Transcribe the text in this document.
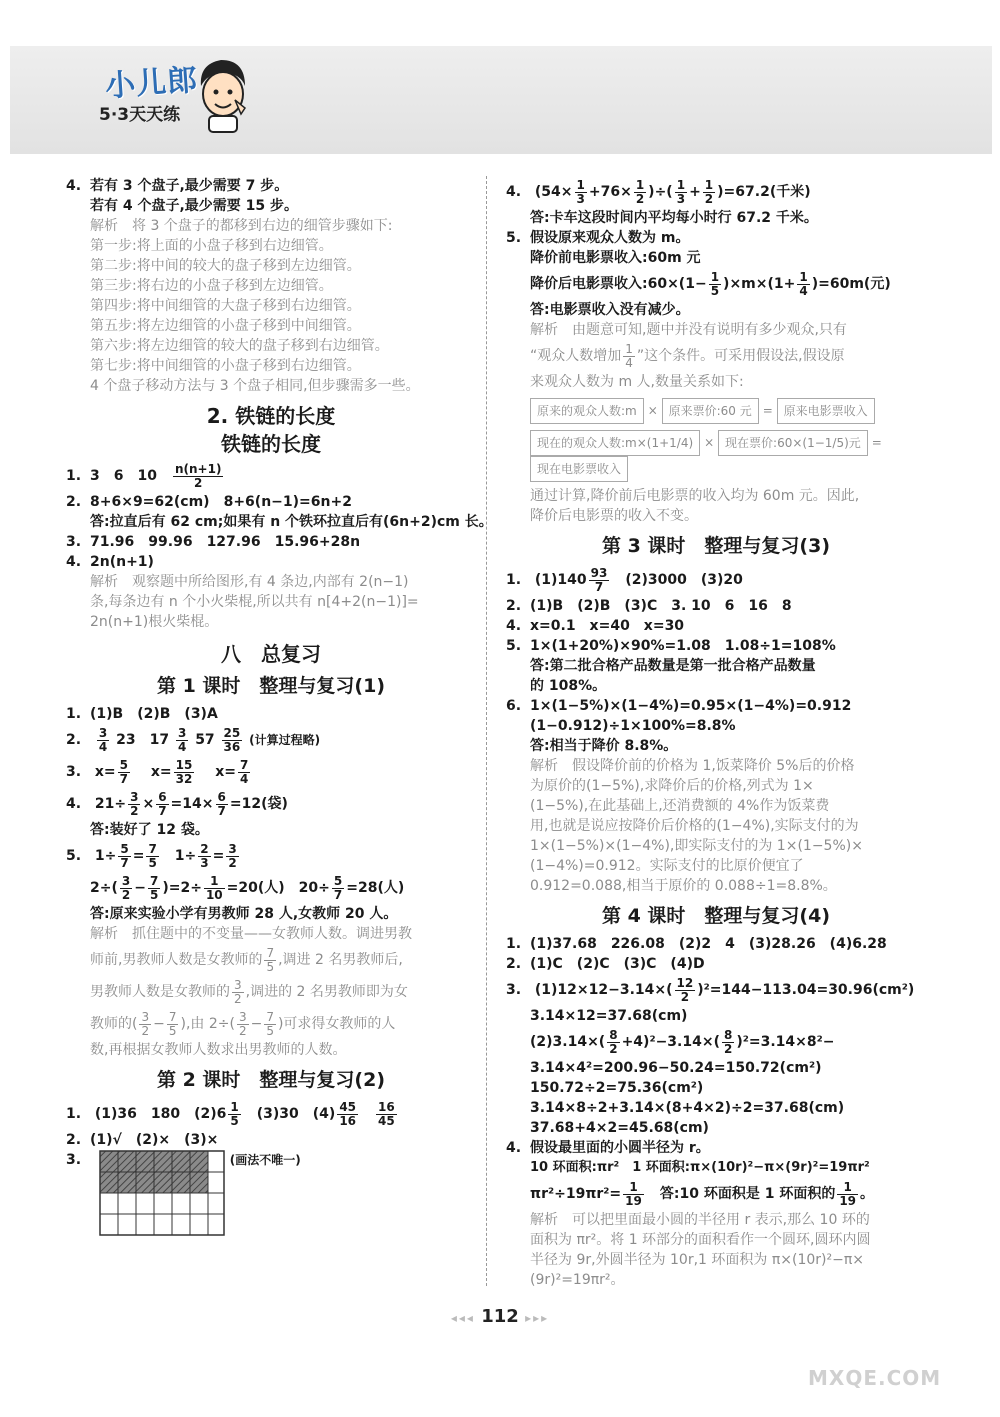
小儿郎
5·3天天练
4. 若有 3 个盘子,最少需要 7 步。
若有 4 个盘子,最少需要 15 步。
解析　 将 3 个盘子的都移到右边的细管步骤如下:
第一步:将上面的小盘子移到右边细管。
第二步:将中间的较大的盘子移到左边细管。
第三步:将右边的小盘子移到左边细管。
第四步:将中间细管的大盘子移到右边细管。
第五步:将左边细管的小盘子移到中间细管。
第六步:将左边细管的较大的盘子移到右边细管。
第七步:将中间细管的小盘子移到右边细管。
4 个盘子移动方法与 3 个盘子相同,但步骤需多一些。
2. 铁链的长度
铁链的长度
1. 3　6　10　 $\frac{n(n+1)}{2}$
2. 8+6×9=62(cm)　8+6(n−1)=6n+2
答:拉直后有 62 cm;如果有 n 个铁环拉直后有(6n+2)cm 长。
3. 71.96　99.96　127.96　15.96+28n
4. 2n(n+1)
解析　 观察题中所给图形,有 4 条边,内部有 2(n−1)
条,每条边有 n 个小火柴棍,所以共有 n[4+2(n−1)]=
2n(n+1)根火柴棍。
八　总复习
第 1 课时　整理与复习(1)
1. (1)B　(2)B　(3)A
2. $\frac{3}{4} 23$　$17 \frac{3}{4} 57 \frac{25}{36}$ (计算过程略)
3. $x= \frac{5}{7}$
　 $x= \frac{15}{32}$
　 $x= \frac{7}{4}$
4. $21\div \frac{3}{2} \times \frac{6}{7} =14\times \frac{6}{7} =12$(袋)
答:装好了 12 袋。
5. $1\div \frac{5}{7} = \frac{7}{5}$ 　$1\div \frac{2}{3} = \frac{3}{2}$
$2\div( \frac{3}{2} - \frac{7}{5} )=2\div \frac{1}{10} =20$(人)　$20\div \frac{5}{7} =28$(人)
答:原来实验小学有男教师 28 人,女教师 20 人。
解析　 抓住题中的不变量——女教师人数。调进男教
师前,男教师人数是女教师的 $\frac{7}{5}$ ,调进 2 名男教师后,
男教师人数是女教师的 $\frac{3}{2}$ ,调进的 2 名男教师即为女
教师的( $\frac{3}{2} - \frac{7}{5}$ ),由 $2\div( \frac{3}{2} - \frac{7}{5}$ )可求得女教师的人
数,再根据女教师人数求出男教师的人数。
第 2 课时　整理与复习(2)
1. (1)36　180　$(2)6 \frac{1}{5}$ 　(3)30　$(4) \frac{45}{16}$
　 $\frac{16}{45}$
2. (1)√　(2)×　(3)×
3.	(画法不唯一)
4. ($54\times \frac{1}{3} +76\times \frac{1}{2}$ )÷( $\frac{1}{3} + \frac{1}{2} )=67.2$(千米)
答:卡车这段时间内平均每小时行 67.2 千米。
5. 假设原来观众人数为 m。
降价前电影票收入:60m 元
降价后电影票收入:60×(1− $\frac{1}{5} )\times m\times(1+ \frac{1}{4} )=60m$(元)
答:电影票收入没有减少。
解析　 由题意可知,题中并没有说明有多少观众,只有
“观众人数增加 $\frac{1}{4}$ ”这个条件。可采用假设法,假设原
来观众人数为 m 人,数量关系如下:
原来的观众人数:m × 原来票价:60 元 = 原来电影票收入
现在的观众人数:m×(1+1/4) × 现在票价:60×(1−1/5)元 = 现在电影票收入
通过计算,降价前后电影票的收入均为 60m 元。因此,
降价后电影票的收入不变。
第 3 课时　整理与复习(3)
1. $(1)140 \frac{93}{7}$
　 (2)3000　(3)20
2. (1)B　(2)B　(3)C　3. 10　6　16　8
4. x=0.1　x=40　x=30
5. 1×(1+20%)×90%=1.08　1.08÷1=108%
答:第二批合格产品数量是第一批合格产品数量
的 108%。
6. 1×(1−5%)×(1−4%)=0.95×(1−4%)=0.912
(1−0.912)÷1×100%=8.8%
答:相当于降价 8.8%。
解析　 假设降价前的价格为 1,饭菜降价 5%后的价格
为原价的(1−5%),求降价后的价格,列式为 1×
(1−5%),在此基础上,还消费额的 4%作为饭菜费
用,也就是说应按降价后价格的(1−4%),实际支付的为
1×(1−5%)×(1−4%),即实际支付的为 1×(1−5%)×
(1−4%)=0.912。实际支付的比原价便宜了
0.912=0.088,相当于原价的 0.088÷1=8.8%。
第 4 课时　整理与复习(4)
1. (1)37.68　226.08　(2)2　4　(3)28.26　(4)6.28
2. (1)C　(2)C　(3)C　(4)D
3. $(1)12\times 12-3.14\times( \frac{12}{2} )^2=144-113.04=30.96(cm^2)$
3.14×12=37.68(cm)
$(2)3.14\times( \frac{8}{2} +4)^2-3.14\times( \frac{8}{2} )^2=3.14\times 8^2-$
3.14×4²=200.96−50.24=150.72(cm²)
150.72÷2=75.36(cm²)
3.14×8÷2+3.14×(8+4×2)÷2=37.68(cm)
37.68+4×2=45.68(cm)
4. 假设最里面的小圆半径为 r。
10 环面积:πr²　1 环面积:π×(10r)²−π×(9r)²=19πr²
$\pi r^2\div 19\pi r^2= \frac{1}{19}$ 　答:10 环面积是 1 环面积的 $\frac{1}{19}$ 。
解析　 可以把里面最小圆的半径用 r 表示,那么 10 环的
面积为 πr²。将 1 环部分的面积看作一个圆环,圆环内圆
半径为 9r,外圆半径为 10r,1 环面积为 π×(10r)²−π×
(9r)²=19πr²。
◂◂◂ 112 ▸▸▸
MXQE.COM
